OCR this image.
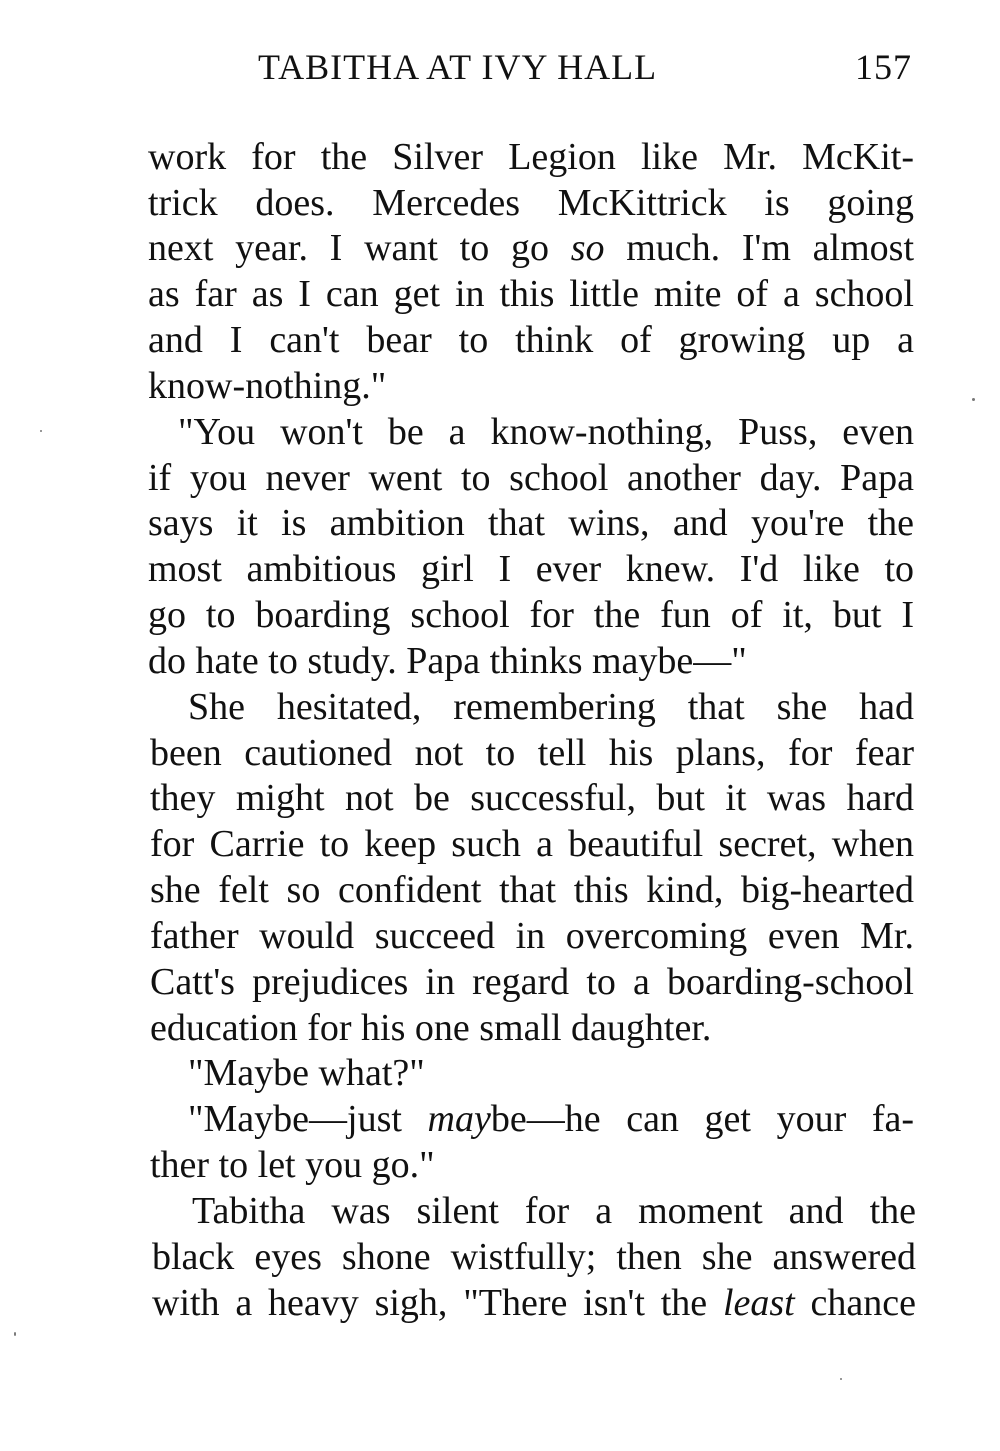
TABITHA AT IVY HALL	157
work for the Silver Legion like Mr. McKit-
trick does. Mercedes McKittrick is going
next year. I want to go so much. I'm almost
as far as I can get in this little mite of a school
and I can't bear to think of growing up a
know-nothing."
"You won't be a know-nothing, Puss, even
if you never went to school another day. Papa
says it is ambition that wins, and you're the
most ambitious girl I ever knew. I'd like to
go to boarding school for the fun of it, but I
do hate to study. Papa thinks maybe—"
She hesitated, remembering that she had
been cautioned not to tell his plans, for fear
they might not be successful, but it was hard
for Carrie to keep such a beautiful secret, when
she felt so confident that this kind, big-hearted
father would succeed in overcoming even Mr.
Catt's prejudices in regard to a boarding-school
education for his one small daughter.
"Maybe what?"
"Maybe—just maybe—he can get your fa-
ther to let you go."
Tabitha was silent for a moment and the
black eyes shone wistfully; then she answered
with a heavy sigh, "There isn't the least chance
